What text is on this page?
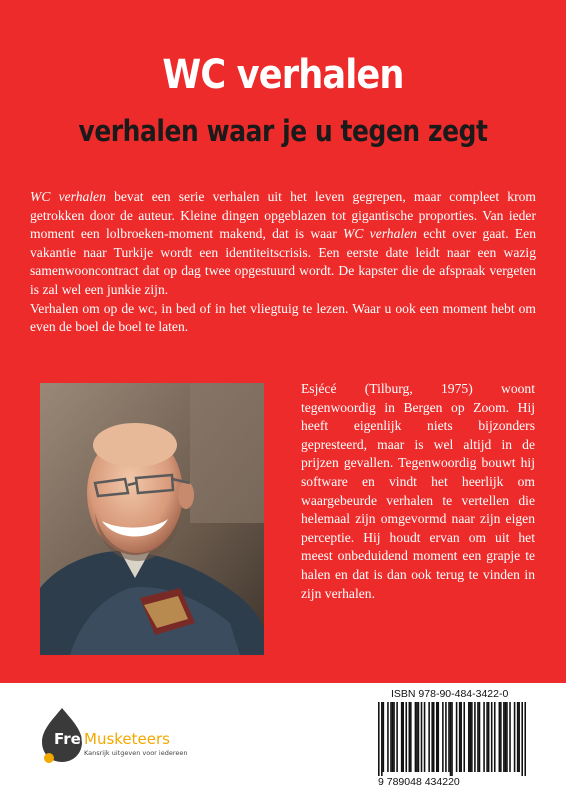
WC verhalen
verhalen waar je u tegen zegt

WC verhalen bevat een serie verhalen uit het leven gegrepen, maar compleet krom getrokken door de auteur. Kleine dingen opgeblazen tot gigantische proporties. Van ieder moment een lolbroeken-moment makend, dat is waar WC verhalen echt over gaat. Een vakantie naar Turkije wordt een identiteitscrisis. Een eerste date leidt naar een wazig samenwooncontract dat op dag twee opgestuurd wordt. De kapster die de afspraak vergeten is zal wel een junkie zijn.

Verhalen om op de wc, in bed of in het vliegtuig te lezen. Waar u ook een moment hebt om even de boel de boel te laten.

Esjécé (Tilburg, 1975) woont tegenwoordig in Bergen op Zoom. Hij heeft eigenlijk niets bijzonders gepresteerd, maar is wel altijd in de prijzen gevallen. Tegenwoordig bouwt hij software en vindt het heerlijk om waargebeurde verhalen te vertellen die helemaal zijn omgevormd naar zijn eigen perceptie. Hij houdt ervan om uit het meest onbeduidend moment een grapje te halen en dat is dan ook terug te vinden in zijn verhalen.
Free
Musketeers
Kansrijk uitgeven voor iedereen
ISBN 978-90-484-3422-0
9 789048 434220
